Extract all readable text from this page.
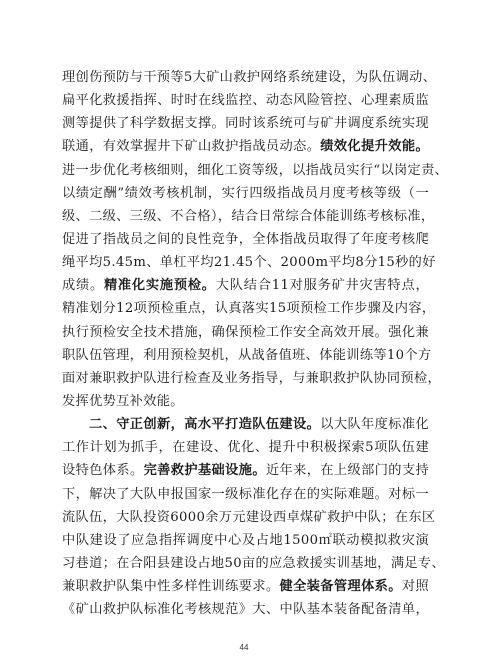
理创伤预防与干预等5大矿山救护网络系统建设，为队伍调动、
扁平化救援指挥、时时在线监控、动态风险管控、心理素质监
测等提供了科学数据支撑。同时该系统可与矿井调度系统实现
联通，有效掌握井下矿山救护指战员动态。绩效化提升效能。
进一步优化考核细则，细化工资等级，以指战员实行“以岗定责、
以绩定酬”绩效考核机制，实行四级指战员月度考核等级（一
级、二级、三级、不合格），结合日常综合体能训练考核标准，
促进了指战员之间的良性竞争，全体指战员取得了年度考核爬
绳平均5.45m、单杠平均21.45个、2000m平均8分15秒的好
成绩。精准化实施预检。大队结合11对服务矿井灾害特点，
精准划分12项预检重点，认真落实15项预检工作步骤及内容，
执行预检安全技术措施，确保预检工作安全高效开展。强化兼
职队伍管理，利用预检契机，从战备值班、体能训练等10个方
面对兼职救护队进行检查及业务指导，与兼职救护队协同预检，
发挥优势互补效能。
二、守正创新，高水平打造队伍建设。以大队年度标准化
工作计划为抓手，在建设、优化、提升中积极探索5项队伍建
设特色体系。完善救护基础设施。近年来，在上级部门的支持
下，解决了大队申报国家一级标准化存在的实际难题。对标一
流队伍，大队投资6000余万元建设西卓煤矿救护中队；在东区
中队建设了应急指挥调度中心及占地1500㎡联动模拟救灾演
习巷道；在合阳县建设占地50亩的应急救援实训基地，满足专、
兼职救护队集中性多样性训练要求。健全装备管理体系。对照
《矿山救护队标准化考核规范》大、中队基本装备配备清单，
44
